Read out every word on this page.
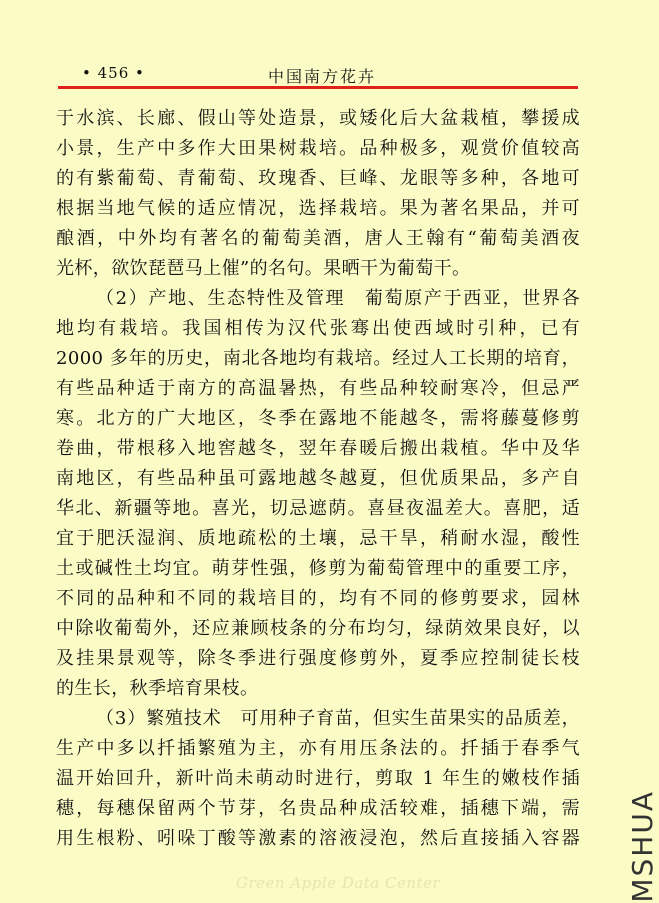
• 456 •	中国南方花卉
于水滨、长廊、假山等处造景，或矮化后大盆栽植，攀援成
小景，生产中多作大田果树栽培。品种极多，观赏价值较高
的有紫葡萄、青葡萄、玫瑰香、巨峰、龙眼等多种，各地可
根据当地气候的适应情况，选择栽培。果为著名果品，并可
酿酒，中外均有著名的葡萄美酒，唐人王翰有“葡萄美酒夜
光杯，欲饮琵琶马上催”的名句。果晒干为葡萄干。
（2）产地、生态特性及管理　葡萄原产于西亚，世界各
地均有栽培。我国相传为汉代张骞出使西域时引种，已有
2000 多年的历史，南北各地均有栽培。经过人工长期的培育，
有些品种适于南方的高温暑热，有些品种较耐寒冷，但忌严
寒。北方的广大地区，冬季在露地不能越冬，需将藤蔓修剪
卷曲，带根移入地窖越冬，翌年春暖后搬出栽植。华中及华
南地区，有些品种虽可露地越冬越夏，但优质果品，多产自
华北、新疆等地。喜光，切忌遮荫。喜昼夜温差大。喜肥，适
宜于肥沃湿润、质地疏松的土壤，忌干旱，稍耐水湿，酸性
土或碱性土均宜。萌芽性强，修剪为葡萄管理中的重要工序，
不同的品种和不同的栽培目的，均有不同的修剪要求，园林
中除收葡萄外，还应兼顾枝条的分布均匀，绿荫效果良好，以
及挂果景观等，除冬季进行强度修剪外，夏季应控制徒长枝
的生长，秋季培育果枝。
（3）繁殖技术　可用种子育苗，但实生苗果实的品质差，
生产中多以扦插繁殖为主，亦有用压条法的。扦插于春季气
温开始回升，新叶尚未萌动时进行，剪取 1 年生的嫩枝作插
穗，每穗保留两个节芽，名贵品种成活较难，插穗下端，需
用生根粉、吲哚丁酸等激素的溶液浸泡，然后直接插入容器 MSHUA
Green Apple Data Center
